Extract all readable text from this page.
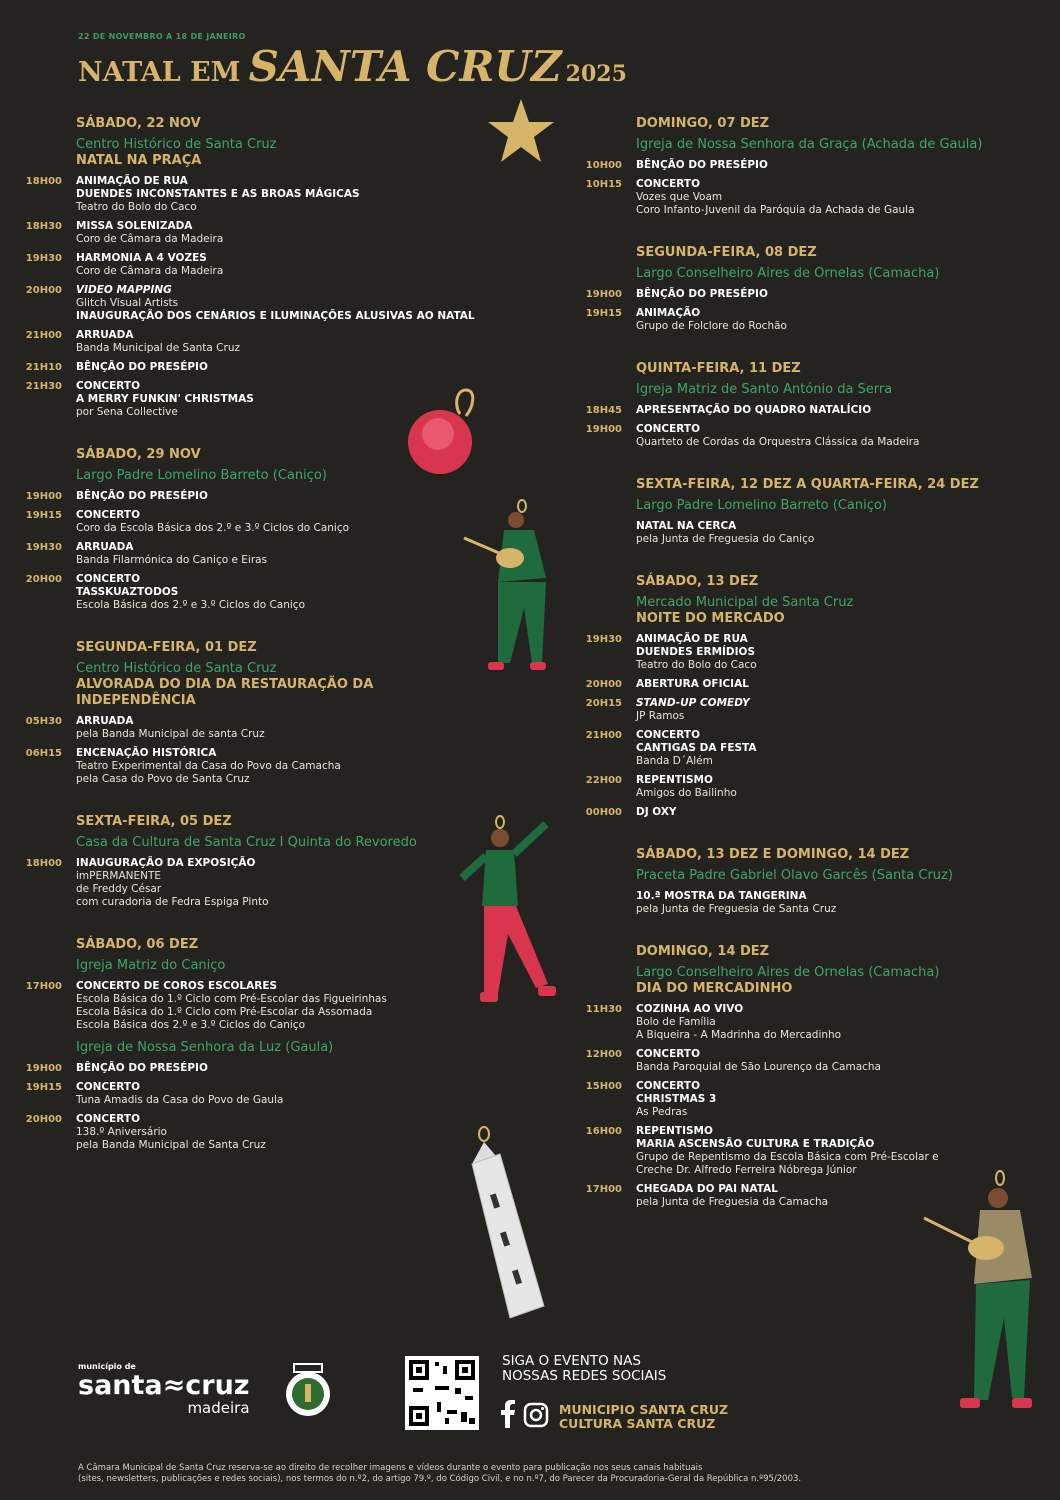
22 DE NOVEMBRO A 18 DE JANEIRO
NATAL EM SANTA CRUZ 2025
SÁBADO, 22 NOV
Centro Histórico de Santa Cruz
NATAL NA PRAÇA
18H00 ANIMAÇÃO DE RUA
DUENDES INCONSTANTES E AS BROAS MÁGICAS
Teatro do Bolo do Caco
18H30 MISSA SOLENIZADA
Coro de Câmara da Madeira
19H30 HARMONIA A 4 VOZES
Coro de Câmara da Madeira
20H00 VIDEO MAPPING
Glitch Visual Artists
INAUGURAÇÃO DOS CENÁRIOS E ILUMINAÇÕES ALUSIVAS AO NATAL
21H00 ARRUADA
Banda Municipal de Santa Cruz
21H10 BÊNÇÃO DO PRESÉPIO
21H30 CONCERTO
A MERRY FUNKIN' CHRISTMAS
por Sena Collective
SÁBADO, 29 NOV
Largo Padre Lomelino Barreto (Caniço)
19H00 BÊNÇÃO DO PRESÉPIO
19H15 CONCERTO
Coro da Escola Básica dos 2.º e 3.º Ciclos do Caniço
19H30 ARRUADA
Banda Filarmónica do Caniço e Eiras
20H00 CONCERTO
TASSKUAZTODOS
Escola Básica dos 2.º e 3.º Ciclos do Caniço
SEGUNDA-FEIRA, 01 DEZ
Centro Histórico de Santa Cruz
ALVORADA DO DIA DA RESTAURAÇÃO DA INDEPENDÊNCIA
05H30 ARRUADA
pela Banda Municipal de santa Cruz
06H15 ENCENAÇÃO HISTÓRICA
Teatro Experimental da Casa do Povo da Camacha
pela Casa do Povo de Santa Cruz
SEXTA-FEIRA, 05 DEZ
Casa da Cultura de Santa Cruz I Quinta do Revoredo
18H00 INAUGURAÇÃO DA EXPOSIÇÃO
imPERMANENTE
de Freddy César
com curadoria de Fedra Espiga Pinto
SÁBADO, 06 DEZ
Igreja Matriz do Caniço
17H00 CONCERTO DE COROS ESCOLARES
Escola Básica do 1.º Ciclo com Pré-Escolar das Figueirinhas
Escola Básica do 1.º Ciclo com Pré-Escolar da Assomada
Escola Básica dos 2.º e 3.º Ciclos do Caniço
Igreja de Nossa Senhora da Luz (Gaula)
19H00 BÊNÇÃO DO PRESÉPIO
19H15 CONCERTO
Tuna Amadis da Casa do Povo de Gaula
20H00 CONCERTO
138.º Aniversário
pela Banda Municipal de Santa Cruz
DOMINGO, 07 DEZ
Igreja de Nossa Senhora da Graça (Achada de Gaula)
10H00 BÊNÇÃO DO PRESÉPIO
10H15 CONCERTO
Vozes que Voam
Coro Infanto-Juvenil da Paróquia da Achada de Gaula
SEGUNDA-FEIRA, 08 DEZ
Largo Conselheiro Aires de Ornelas (Camacha)
19H00 BÊNÇÃO DO PRESÉPIO
19H15 ANIMAÇÃO
Grupo de Folclore do Rochão
QUINTA-FEIRA, 11 DEZ
Igreja Matriz de Santo António da Serra
18H45 APRESENTAÇÃO DO QUADRO NATALÍCIO
19H00 CONCERTO
Quarteto de Cordas da Orquestra Clássica da Madeira
SEXTA-FEIRA, 12 DEZ A QUARTA-FEIRA, 24 DEZ
Largo Padre Lomelino Barreto (Caniço)
NATAL NA CERCA
pela Junta de Freguesia do Caniço
SÁBADO, 13 DEZ
Mercado Municipal de Santa Cruz
NOITE DO MERCADO
19H30 ANIMAÇÃO DE RUA
DUENDES ERMÍDIOS
Teatro do Bolo do Caco
20H00 ABERTURA OFICIAL
20H15 STAND-UP COMEDY
JP Ramos
21H00 CONCERTO
CANTIGAS DA FESTA
Banda D´Além
22H00 REPENTISMO
Amigos do Bailinho
00H00 DJ OXY
SÁBADO, 13 DEZ E DOMINGO, 14 DEZ
Praceta Padre Gabriel Olavo Garcês (Santa Cruz)
10.ª MOSTRA DA TANGERINA
pela Junta de Freguesia de Santa Cruz
DOMINGO, 14 DEZ
Largo Conselheiro Aires de Ornelas (Camacha)
DIA DO MERCADINHO
11H30 COZINHA AO VIVO
Bolo de Família
A Biqueira - A Madrinha do Mercadinho
12H00 CONCERTO
Banda Paroquial de São Lourenço da Camacha
15H00 CONCERTO
CHRISTMAS 3
As Pedras
16H00 REPENTISMO
MARIA ASCENSÃO CULTURA E TRADIÇÃO
Grupo de Repentismo da Escola Básica com Pré-Escolar e
Creche Dr. Alfredo Ferreira Nóbrega Júnior
17H00 CHEGADA DO PAI NATAL
pela Junta de Freguesia da Camacha
município de
santa≈cruz
madeira
SIGA O EVENTO NAS
NOSSAS REDES SOCIAIS
MUNICIPIO SANTA CRUZ
CULTURA SANTA CRUZ
A Câmara Municipal de Santa Cruz reserva-se ao direito de recolher imagens e vídeos durante o evento para publicação nos seus canais habituais
(sites, newsletters, publicações e redes sociais), nos termos do n.º2, do artigo 79.º, do Código Civil, e no n.º7, do Parecer da Procuradoria-Geral da República n.º95/2003.
